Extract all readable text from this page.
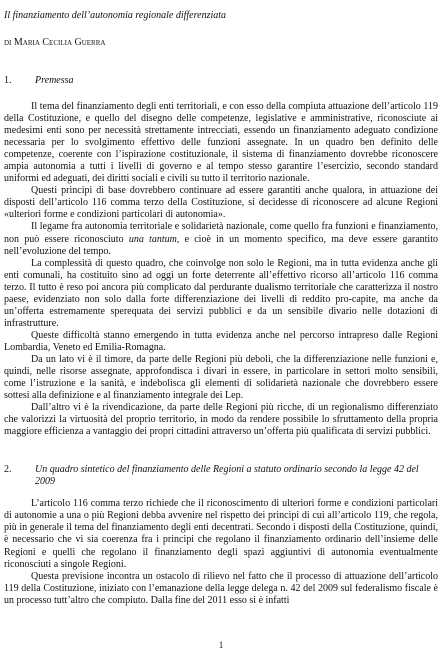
Il finanziamento dell’autonomia regionale differenziata

di Maria Cecilia Guerra

1.	Premessa

Il tema del finanziamento degli enti territoriali, e con esso della compiuta attuazione dell’articolo 119 della Costituzione, e quello del disegno delle competenze, legislative e amministrative, riconosciute ai medesimi enti sono per necessità strettamente intrecciati, essendo un finanziamento adeguato condizione necessaria per lo svolgimento effettivo delle funzioni assegnate. In un quadro ben definito delle competenze, coerente con l’ispirazione costituzionale, il sistema di finanziamento dovrebbe riconoscere ampia autonomia a tutti i livelli di governo e al tempo stesso garantire l’esercizio, secondo standard uniformi ed adeguati, dei diritti sociali e civili su tutto il territorio nazionale.

Questi principi di base dovrebbero continuare ad essere garantiti anche qualora, in attuazione dei disposti dell’articolo 116 comma terzo della Costituzione, si decidesse di riconoscere ad alcune Regioni «ulteriori forme e condizioni particolari di autonomia».

Il legame fra autonomia territoriale e solidarietà nazionale, come quello fra funzioni e finanziamento, non può essere riconosciuto una tantum, e cioè in un momento specifico, ma deve essere garantito nell’evoluzione del tempo.

La complessità di questo quadro, che coinvolge non solo le Regioni, ma in tutta evidenza anche gli enti comunali, ha costituito sino ad oggi un forte deterrente all’effettivo ricorso all’articolo 116 comma terzo. Il tutto è reso poi ancora più complicato dal perdurante dualismo territoriale che caratterizza il nostro paese, evidenziato non solo dalla forte differenziazione dei livelli di reddito pro-capite, ma anche da un’offerta estremamente sperequata dei servizi pubblici e da un sensibile divario nelle dotazioni di infrastrutture.

Queste difficoltà stanno emergendo in tutta evidenza anche nel percorso intrapreso dalle Regioni Lombardia, Veneto ed Emilia-Romagna.

Da un lato vi è il timore, da parte delle Regioni più deboli, che la differenziazione nelle funzioni e, quindi, nelle risorse assegnate, approfondisca i divari in essere, in particolare in settori molto sensibili, come l’istruzione e la sanità, e indebolisca gli elementi di solidarietà nazionale che dovrebbero essere sottesi alla definizione e al finanziamento integrale dei Lep.

Dall’altro vi è la rivendicazione, da parte delle Regioni più ricche, di un regionalismo differenziato che valorizzi la virtuosità del proprio territorio, in modo da rendere possibile lo sfruttamento della propria maggiore efficienza a vantaggio dei propri cittadini attraverso un’offerta più qualificata di servizi pubblici.

2.	Un quadro sintetico del finanziamento delle Regioni a statuto ordinario secondo la legge 42 del 2009

L’articolo 116 comma terzo richiede che il riconoscimento di ulteriori forme e condizioni particolari di autonomie a una o più Regioni debba avvenire nel rispetto dei principi di cui all’articolo 119, che regola, più in generale il tema del finanziamento degli enti decentrati. Secondo i disposti della Costituzione, quindi, è necessario che vi sia coerenza fra i principi che regolano il finanziamento ordinario dell’insieme delle Regioni e quelli che regolano il finanziamento degli spazi aggiuntivi di autonomia eventualmente riconosciuti a singole Regioni.

Questa previsione incontra un ostacolo di rilievo nel fatto che il processo di attuazione dell’articolo 119 della Costituzione, iniziato con l’emanazione della legge delega n. 42 del 2009 sul federalismo fiscale è un processo tutt’altro che compiuto. Dalla fine del 2011 esso si è infatti

1
